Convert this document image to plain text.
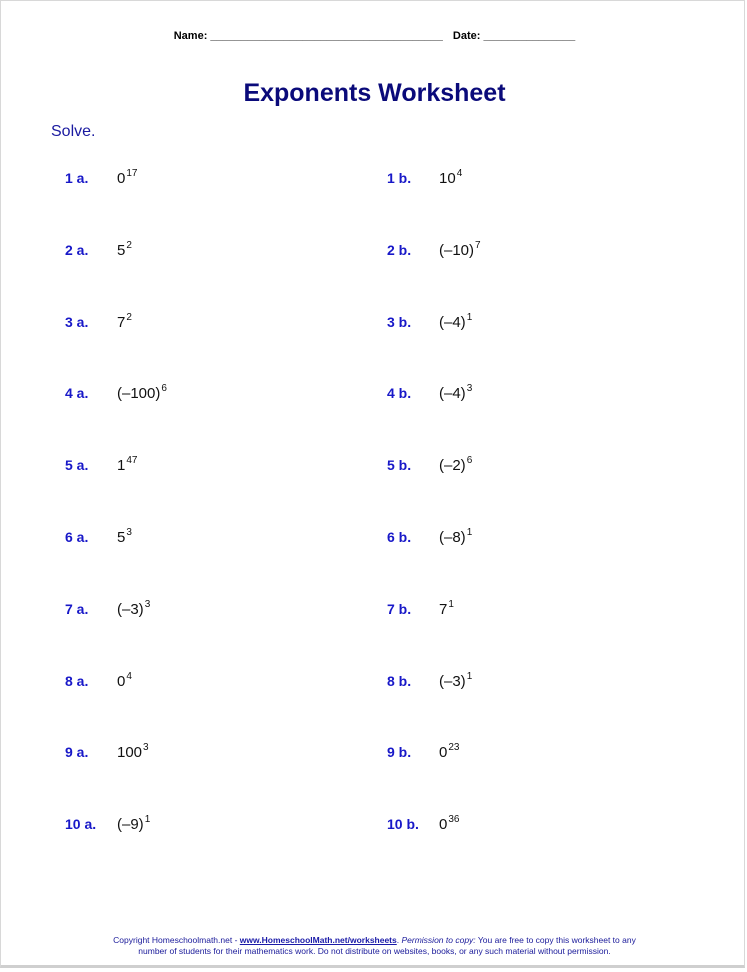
Name: ______________________________________ Date: _______________
Exponents Worksheet
Solve.
1 a. 017
2 a. 52
3 a. 72
4 a. (–100)6
5 a. 147
6 a. 53
7 a. (–3)3
8 a. 04
9 a. 1003
10 a. (–9)1
1 b. 104
2 b. (–10)7
3 b. (–4)1
4 b. (–4)3
5 b. (–2)6
6 b. (–8)1
7 b. 71
8 b. (–3)1
9 b. 023
10 b. 036
Copyright Homeschoolmath.net - www.HomeschoolMath.net/worksheets. Permission to copy: You are free to copy this worksheet to any
number of students for their mathematics work. Do not distribute on websites, books, or any such material without permission.
